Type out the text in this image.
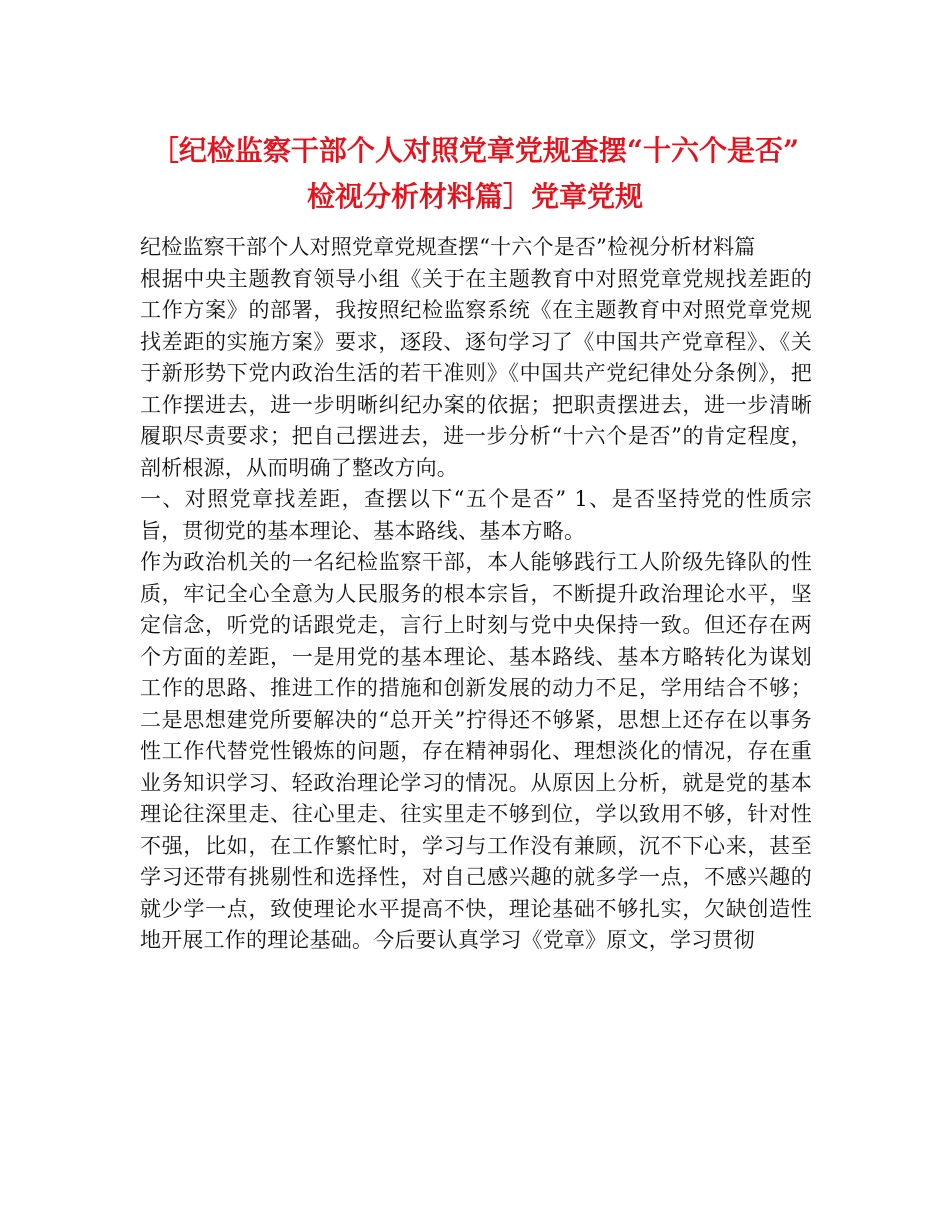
［纪检监察干部个人对照党章党规查摆“十六个是否”
检视分析材料篇］党章党规

纪检监察干部个人对照党章党规查摆“十六个是否”检视分析材料篇

根据中央主题教育领导小组《关于在主题教育中对照党章党规找差距的工作方案》的部署，我按照纪检监察系统《在主题教育中对照党章党规找差距的实施方案》要求，逐段、逐句学习了《中国共产党章程》、《关于新形势下党内政治生活的若干准则》《中国共产党纪律处分条例》，把工作摆进去，进一步明晰纠纪办案的依据；把职责摆进去，进一步清晰履职尽责要求；把自己摆进去，进一步分析“十六个是否”的肯定程度，剖析根源，从而明确了整改方向。

一、对照党章找差距，查摆以下“五个是否” 1、是否坚持党的性质宗旨，贯彻党的基本理论、基本路线、基本方略。

作为政治机关的一名纪检监察干部，本人能够践行工人阶级先锋队的性质，牢记全心全意为人民服务的根本宗旨，不断提升政治理论水平，坚定信念，听党的话跟党走，言行上时刻与党中央保持一致。但还存在两个方面的差距，一是用党的基本理论、基本路线、基本方略转化为谋划工作的思路、推进工作的措施和创新发展的动力不足，学用结合不够；二是思想建党所要解决的“总开关”拧得还不够紧，思想上还存在以事务性工作代替党性锻炼的问题，存在精神弱化、理想淡化的情况，存在重业务知识学习、轻政治理论学习的情况。从原因上分析，就是党的基本理论往深里走、往心里走、往实里走不够到位，学以致用不够，针对性不强，比如，在工作繁忙时，学习与工作没有兼顾，沉不下心来，甚至学习还带有挑剔性和选择性，对自己感兴趣的就多学一点，不感兴趣的就少学一点，致使理论水平提高不快，理论基础不够扎实，欠缺创造性地开展工作的理论基础。今后要认真学习《党章》原文，学习贯彻
